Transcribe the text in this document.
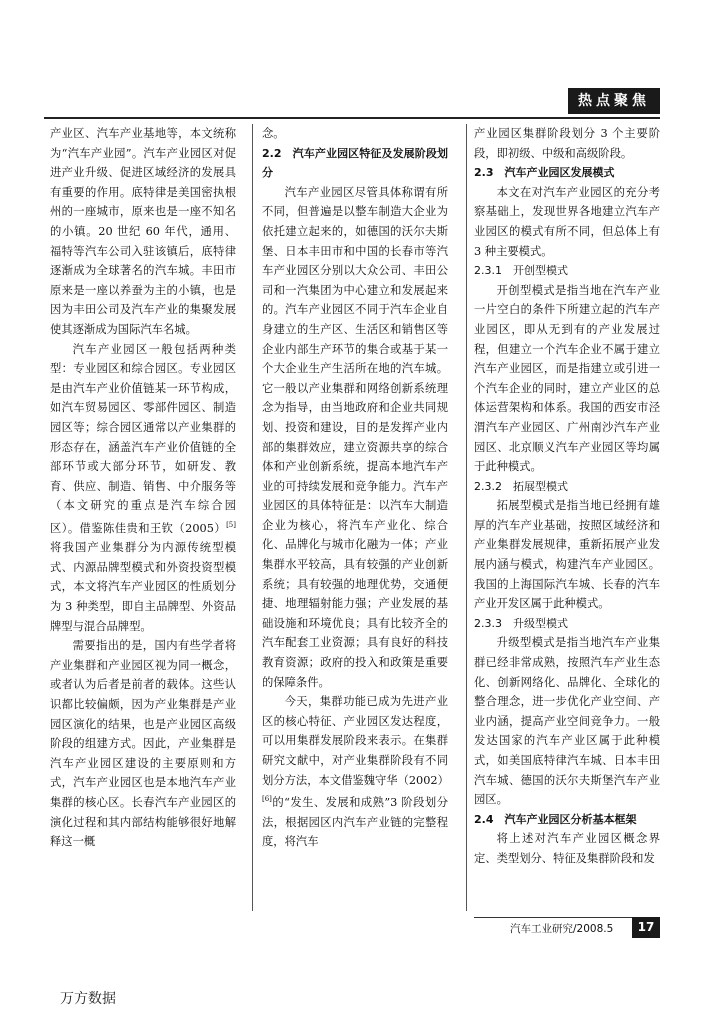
热点聚焦

产业区、汽车产业基地等，本文统称为“汽车产业园”。汽车产业园区对促进产业升级、促进区域经济的发展具有重要的作用。底特律是美国密执根州的一座城市，原来也是一座不知名的小镇。20 世纪 60 年代，通用、福特等汽车公司入驻该镇后，底特律逐渐成为全球著名的汽车城。丰田市原来是一座以养蚕为主的小镇，也是因为丰田公司及汽车产业的集聚发展使其逐渐成为国际汽车名城。

汽车产业园区一般包括两种类型：专业园区和综合园区。专业园区是由汽车产业价值链某一环节构成，如汽车贸易园区、零部件园区、制造园区等；综合园区通常以产业集群的形态存在，涵盖汽车产业价值链的全部环节或大部分环节，如研发、教育、供应、制造、销售、中介服务等（本文研究的重点是汽车综合园区）。借鉴陈佳贵和王钦（2005）[5]将我国产业集群分为内源传统型模式、内源品牌型模式和外资投资型模式，本文将汽车产业园区的性质划分为 3 种类型，即自主品牌型、外资品牌型与混合品牌型。

需要指出的是，国内有些学者将产业集群和产业园区视为同一概念，或者认为后者是前者的载体。这些认识都比较偏颇，因为产业集群是产业园区演化的结果，也是产业园区高级阶段的组建方式。因此，产业集群是汽车产业园区建设的主要原则和方式，汽车产业园区也是本地汽车产业集群的核心区。长春汽车产业园区的演化过程和其内部结构能够很好地解释这一概

念。

2.2　汽车产业园区特征及发展阶段划分

汽车产业园区尽管具体称谓有所不同，但普遍是以整车制造大企业为依托建立起来的，如德国的沃尔夫斯堡、日本丰田市和中国的长春市等汽车产业园区分别以大众公司、丰田公司和一汽集团为中心建立和发展起来的。汽车产业园区不同于汽车企业自身建立的生产区、生活区和销售区等企业内部生产环节的集合或基于某一个大企业生产生活所在地的汽车城。它一般以产业集群和网络创新系统理念为指导，由当地政府和企业共同规划、投资和建设，目的是发挥产业内部的集群效应，建立资源共享的综合体和产业创新系统，提高本地汽车产业的可持续发展和竞争能力。汽车产业园区的具体特征是：以汽车大制造企业为核心，将汽车产业化、综合化、品牌化与城市化融为一体；产业集群水平较高，具有较强的产业创新系统；具有较强的地理优势，交通便捷、地理辐射能力强；产业发展的基础设施和环境优良；具有比较齐全的汽车配套工业资源；具有良好的科技教育资源；政府的投入和政策是重要的保障条件。

今天，集群功能已成为先进产业区的核心特征、产业园区发达程度，可以用集群发展阶段来表示。在集群研究文献中，对产业集群阶段有不同划分方法，本文借鉴魏守华（2002）[6]的“发生、发展和成熟”3 阶段划分法，根据园区内汽车产业链的完整程度，将汽车

产业园区集群阶段划分 3 个主要阶段，即初级、中级和高级阶段。

2.3　汽车产业园区发展模式

本文在对汽车产业园区的充分考察基础上，发现世界各地建立汽车产业园区的模式有所不同，但总体上有 3 种主要模式。

2.3.1　开创型模式

开创型模式是指当地在汽车产业一片空白的条件下所建立起的汽车产业园区，即从无到有的产业发展过程，但建立一个汽车企业不属于建立汽车产业园区，而是指建立或引进一个汽车企业的同时，建立产业区的总体运营架构和体系。我国的西安市泾渭汽车产业园区、广州南沙汽车产业园区、北京顺义汽车产业园区等均属于此种模式。

2.3.2　拓展型模式

拓展型模式是指当地已经拥有雄厚的汽车产业基础，按照区域经济和产业集群发展规律，重新拓展产业发展内涵与模式，构建汽车产业园区。我国的上海国际汽车城、长春的汽车产业开发区属于此种模式。

2.3.3　升级型模式

升级型模式是指当地汽车产业集群已经非常成熟，按照汽车产业生态化、创新网络化、品牌化、全球化的整合理念，进一步优化产业空间、产业内涵，提高产业空间竞争力。一般发达国家的汽车产业区属于此种模式，如美国底特律汽车城、日本丰田汽车城、德国的沃尔夫斯堡汽车产业园区。

2.4　汽车产业园区分析基本框架

将上述对汽车产业园区概念界定、类型划分、特征及集群阶段和发

汽车工业研究/2008.5	17
万方数据
